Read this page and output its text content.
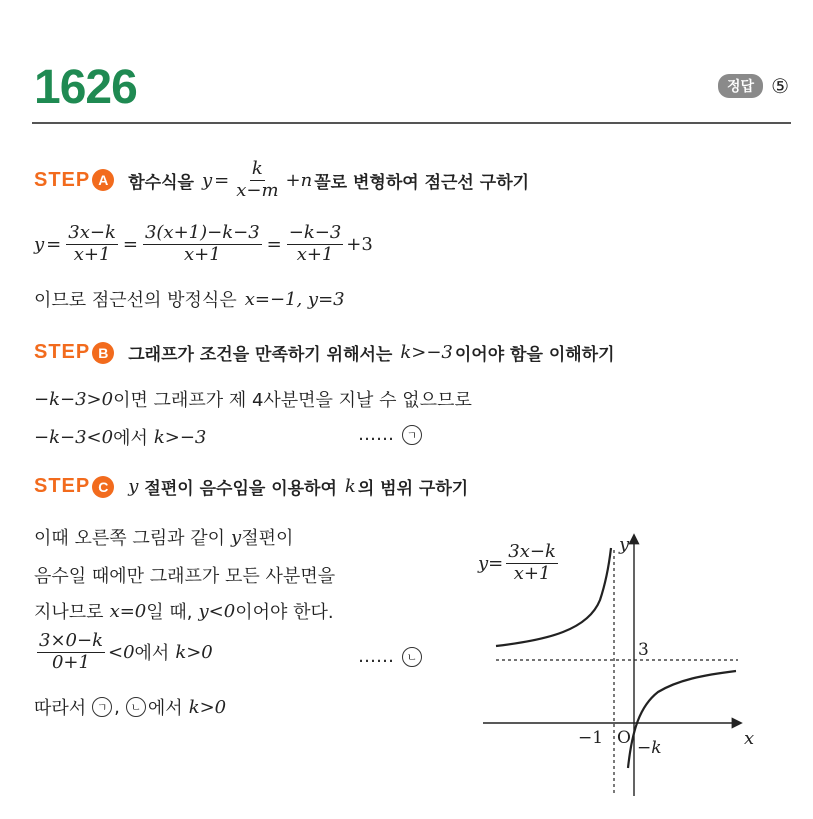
1626	정답 ⑤
STEP A	함수식을 $y = \frac{k}{x-m} +n$ 꼴로 변형하여 점근선 구하기
$y = \frac{3x-k}{x+1} = \frac{3(x+1)-k-3}{x+1} = \frac{-k-3}{x+1} +3$
이므로 점근선의 방정식은 x=−1, y=3
STEP B	그래프가 조건을 만족하기 위해서는 k>−3 이어야 함을 이해하기
−k−3>0 이면 그래프가 제 4사분면을 지날 수 없으므로
−k−3<0 에서 k>−3	……	ㄱ
STEP C	y 절편이 음수임을 이용하여 k 의 범위 구하기
이때 오른쪽 그림과 같이 y 절편이
음수일 때에만 그래프가 모든 사분면을
지나므로 x=0 일 때, y<0 이어야 한다.
$\frac{3\times 0-k}{0+1} <0$ 에서 k>0	……	ㄴ
따라서 ㄱ , ㄴ 에서 k>0
y
x
3
−1 O −k
$y = \frac{3x-k}{x+1}$
